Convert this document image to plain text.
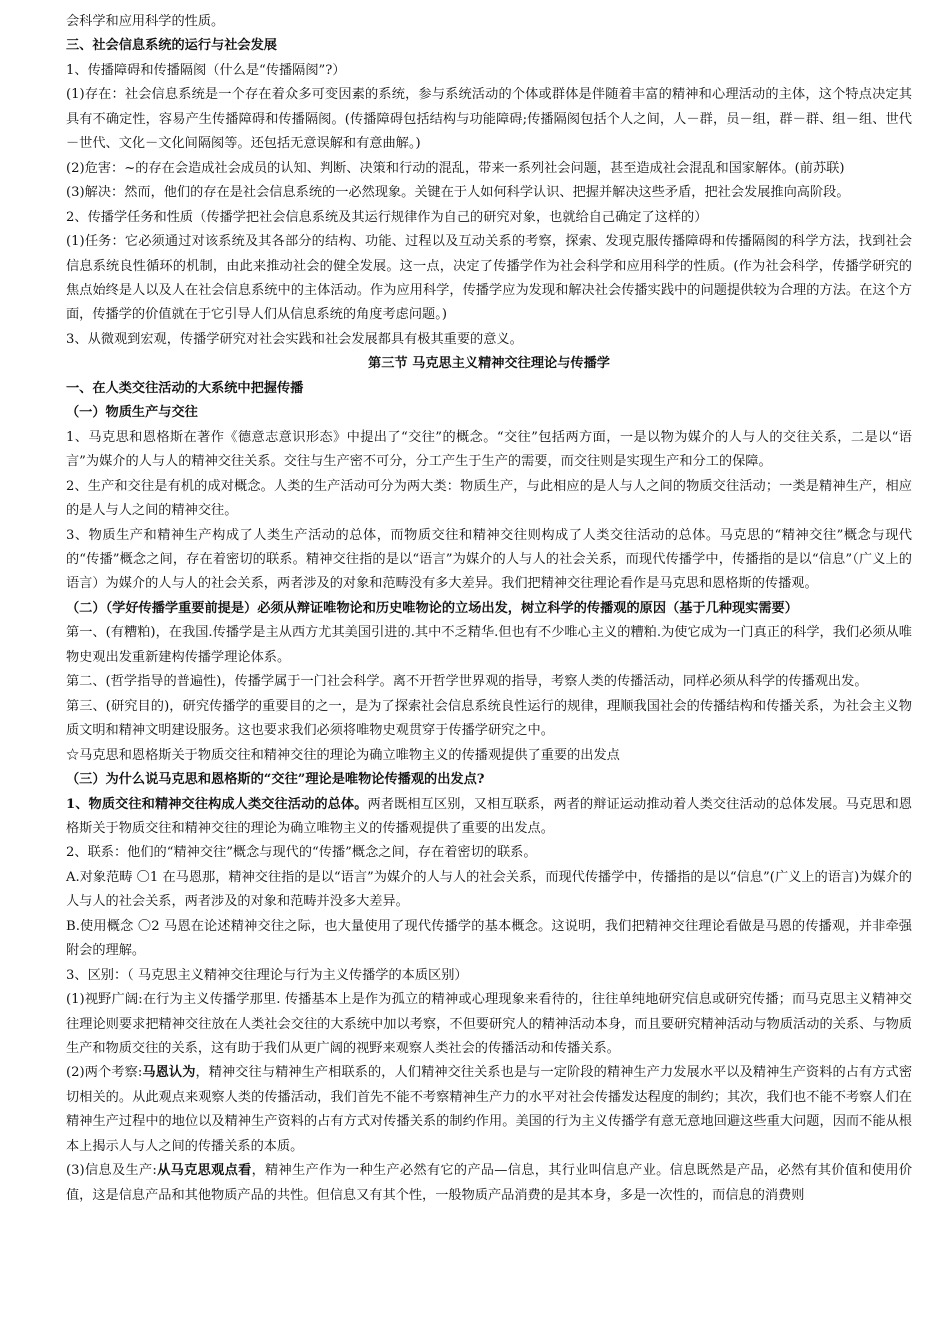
会科学和应用科学的性质。

三、社会信息系统的运行与社会发展

1、传播障碍和传播隔阂（什么是“传播隔阂”?）

(1)存在：社会信息系统是一个存在着众多可变因素的系统，参与系统活动的个体或群体是伴随着丰富的精神和心理活动的主体，这个特点决定其具有不确定性，容易产生传播障碍和传播隔阂。(传播障碍包括结构与功能障碍;传播隔阂包括个人之间，人－群，员－组，群－群、组－组、世代－世代、文化－文化间隔阂等。还包括无意误解和有意曲解。)

(2)危害：~的存在会造成社会成员的认知、判断、决策和行动的混乱，带来一系列社会问题，甚至造成社会混乱和国家解体。(前苏联)

(3)解决：然而，他们的存在是社会信息系统的一必然现象。关键在于人如何科学认识、把握并解决这些矛盾，把社会发展推向高阶段。

2、传播学任务和性质（传播学把社会信息系统及其运行规律作为自己的研究对象，也就给自己确定了这样的）

(1)任务：它必须通过对该系统及其各部分的结构、功能、过程以及互动关系的考察，探索、发现克服传播障碍和传播隔阂的科学方法，找到社会信息系统良性循环的机制，由此来推动社会的健全发展。这一点，决定了传播学作为社会科学和应用科学的性质。(作为社会科学，传播学研究的焦点始终是人以及人在社会信息系统中的主体活动。作为应用科学，传播学应为发现和解决社会传播实践中的问题提供较为合理的方法。在这个方面，传播学的价值就在于它引导人们从信息系统的角度考虑问题。)

3、从微观到宏观，传播学研究对社会实践和社会发展都具有极其重要的意义。

第三节 马克思主义精神交往理论与传播学

一、在人类交往活动的大系统中把握传播

（一）物质生产与交往

1、马克思和恩格斯在著作《德意志意识形态》中提出了“交往”的概念。“交往”包括两方面，一是以物为媒介的人与人的交往关系，二是以“语言”为媒介的人与人的精神交往关系。交往与生产密不可分，分工产生于生产的需要，而交往则是实现生产和分工的保障。

2、生产和交往是有机的成对概念。人类的生产活动可分为两大类：物质生产，与此相应的是人与人之间的物质交往活动；一类是精神生产，相应的是人与人之间的精神交往。

3、物质生产和精神生产构成了人类生产活动的总体，而物质交往和精神交往则构成了人类交往活动的总体。马克思的“精神交往”概念与现代的“传播”概念之间，存在着密切的联系。精神交往指的是以“语言”为媒介的人与人的社会关系，而现代传播学中，传播指的是以“信息”（广义上的语言）为媒介的人与人的社会关系，两者涉及的对象和范畴没有多大差异。我们把精神交往理论看作是马克思和恩格斯的传播观。

（二）（学好传播学重要前提是）必须从辩证唯物论和历史唯物论的立场出发，树立科学的传播观的原因（基于几种现实需要）

第一、(有糟粕)，在我国.传播学是主从西方尤其美国引进的.其中不乏精华.但也有不少唯心主义的糟粕.为使它成为一门真正的科学，我们必须从唯物史观出发重新建构传播学理论体系。

第二、(哲学指导的普遍性)，传播学属于一门社会科学。离不开哲学世界观的指导，考察人类的传播活动，同样必须从科学的传播观出发。

第三、(研究目的)，研究传播学的重要目的之一，是为了探索社会信息系统良性运行的规律，理顺我国社会的传播结构和传播关系，为社会主义物质文明和精神文明建设服务。这也要求我们必须将唯物史观贯穿于传播学研究之中。

☆马克思和恩格斯关于物质交往和精神交往的理论为确立唯物主义的传播观提供了重要的出发点

（三）为什么说马克思和恩格斯的“交往”理论是唯物论传播观的出发点?

1、物质交往和精神交往构成人类交往活动的总体。两者既相互区别，又相互联系，两者的辩证运动推动着人类交往活动的总体发展。马克思和恩格斯关于物质交往和精神交往的理论为确立唯物主义的传播观提供了重要的出发点。

2、联系：他们的“精神交往”概念与现代的“传播”概念之间，存在着密切的联系。

A.对象范畴 〇1 在马恩那，精神交往指的是以“语言”为媒介的人与人的社会关系，而现代传播学中，传播指的是以“信息”(广义上的语言)为媒介的人与人的社会关系，两者涉及的对象和范畴并没多大差异。

B.使用概念 〇2 马恩在论述精神交往之际，也大量使用了现代传播学的基本概念。这说明，我们把精神交往理论看做是马恩的传播观，并非牵强附会的理解。

3、区别：（ 马克思主义精神交往理论与行为主义传播学的本质区别）

(1)视野广阔:在行为主义传播学那里. 传播基本上是作为孤立的精神或心理现象来看待的，往往单纯地研究信息或研究传播；而马克思主义精神交往理论则要求把精神交往放在人类社会交往的大系统中加以考察，不但要研究人的精神活动本身，而且要研究精神活动与物质活动的关系、与物质生产和物质交往的关系，这有助于我们从更广阔的视野来观察人类社会的传播活动和传播关系。

(2)两个考察:马恩认为，精神交往与精神生产相联系的，人们精神交往关系也是与一定阶段的精神生产力发展水平以及精神生产资料的占有方式密切相关的。从此观点来观察人类的传播活动，我们首先不能不考察精神生产力的水平对社会传播发达程度的制约；其次，我们也不能不考察人们在精神生产过程中的地位以及精神生产资料的占有方式对传播关系的制约作用。美国的行为主义传播学有意无意地回避这些重大问题，因而不能从根本上揭示人与人之间的传播关系的本质。

(3)信息及生产:从马克思观点看，精神生产作为一种生产必然有它的产品—信息，其行业叫信息产业。信息既然是产品，必然有其价值和使用价值，这是信息产品和其他物质产品的共性。但信息又有其个性，一般物质产品消费的是其本身，多是一次性的，而信息的消费则
